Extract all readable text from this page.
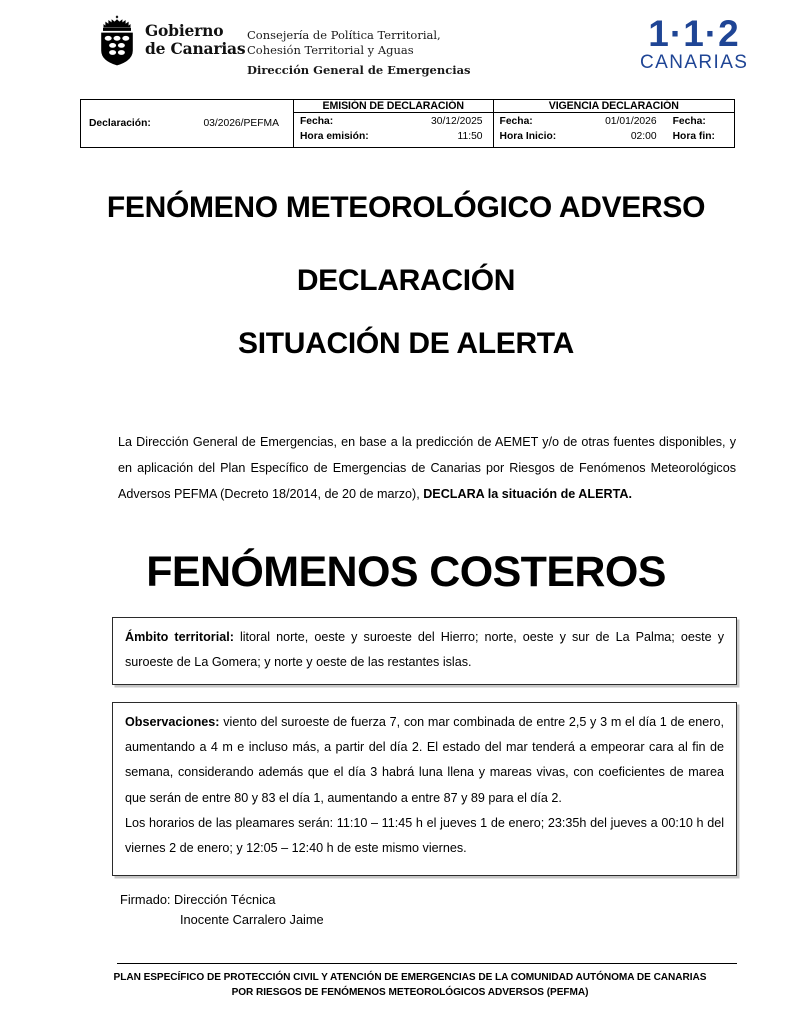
Gobierno
de Canarias
Consejería de Política Territorial,
Cohesión Territorial y Aguas
Dirección General de Emergencias
1·1·2
CANARIAS
Declaración: 03/2026/PEFMA	EMISIÓN DE DECLARACIÓN	VIGENCIA DECLARACIÓN	

Fecha:	30/12/2025
Hora emisión:	11:50

Fecha:	01/01/2026
Hora Inicio:	02:00

Fecha:
Hora fin:
FENÓMENO METEOROLÓGICO ADVERSO
DECLARACIÓN
SITUACIÓN DE ALERTA
La Dirección General de Emergencias, en base a la predicción de AEMET y/o de otras fuentes disponibles, y en aplicación del Plan Específico de Emergencias de Canarias por Riesgos de Fenómenos Meteorológicos Adversos PEFMA (Decreto 18/2014, de 20 de marzo), DECLARA la situación de ALERTA.
FENÓMENOS COSTEROS
Ámbito territorial: litoral norte, oeste y suroeste del Hierro; norte, oeste y sur de La Palma; oeste y suroeste de La Gomera; y norte y oeste de las restantes islas.
Observaciones: viento del suroeste de fuerza 7, con mar combinada de entre 2,5 y 3 m el día 1 de enero, aumentando a 4 m e incluso más, a partir del día 2. El estado del mar tenderá a empeorar cara al fin de semana, considerando además que el día 3 habrá luna llena y mareas vivas, con coeficientes de marea que serán de entre 80 y 83 el día 1, aumentando a entre 87 y 89 para el día 2.
Los horarios de las pleamares serán: 11:10 – 11:45 h el jueves 1 de enero; 23:35h del jueves a 00:10 h del viernes 2 de enero; y 12:05 – 12:40 h de este mismo viernes.
Firmado: Dirección Técnica
Inocente Carralero Jaime
PLAN ESPECÍFICO DE PROTECCIÓN CIVIL Y ATENCIÓN DE EMERGENCIAS DE LA COMUNIDAD AUTÓNOMA DE CANARIAS
POR RIESGOS DE FENÓMENOS METEOROLÓGICOS ADVERSOS (PEFMA)
